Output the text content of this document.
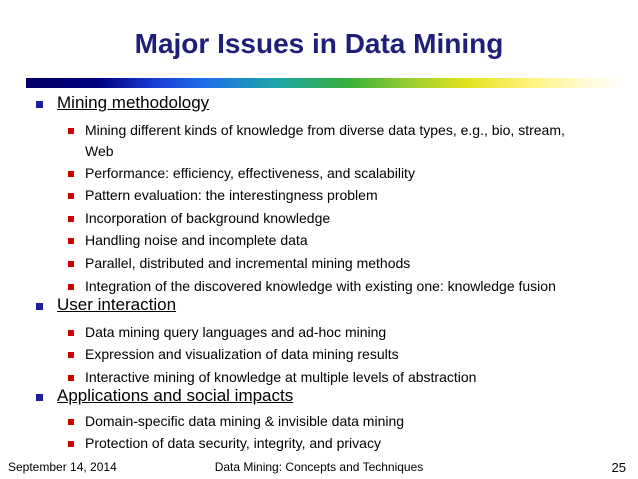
Major Issues in Data Mining
Mining methodology
Mining different kinds of knowledge from diverse data types, e.g., bio, stream, Web
Performance: efficiency, effectiveness, and scalability
Pattern evaluation: the interestingness problem
Incorporation of background knowledge
Handling noise and incomplete data
Parallel, distributed and incremental mining methods
Integration of the discovered knowledge with existing one: knowledge fusion
User interaction
Data mining query languages and ad-hoc mining
Expression and visualization of data mining results
Interactive mining of knowledge at multiple levels of abstraction
Applications and social impacts
Domain-specific data mining & invisible data mining
Protection of data security, integrity, and privacy
September 14, 2014	Data Mining: Concepts and Techniques	25
